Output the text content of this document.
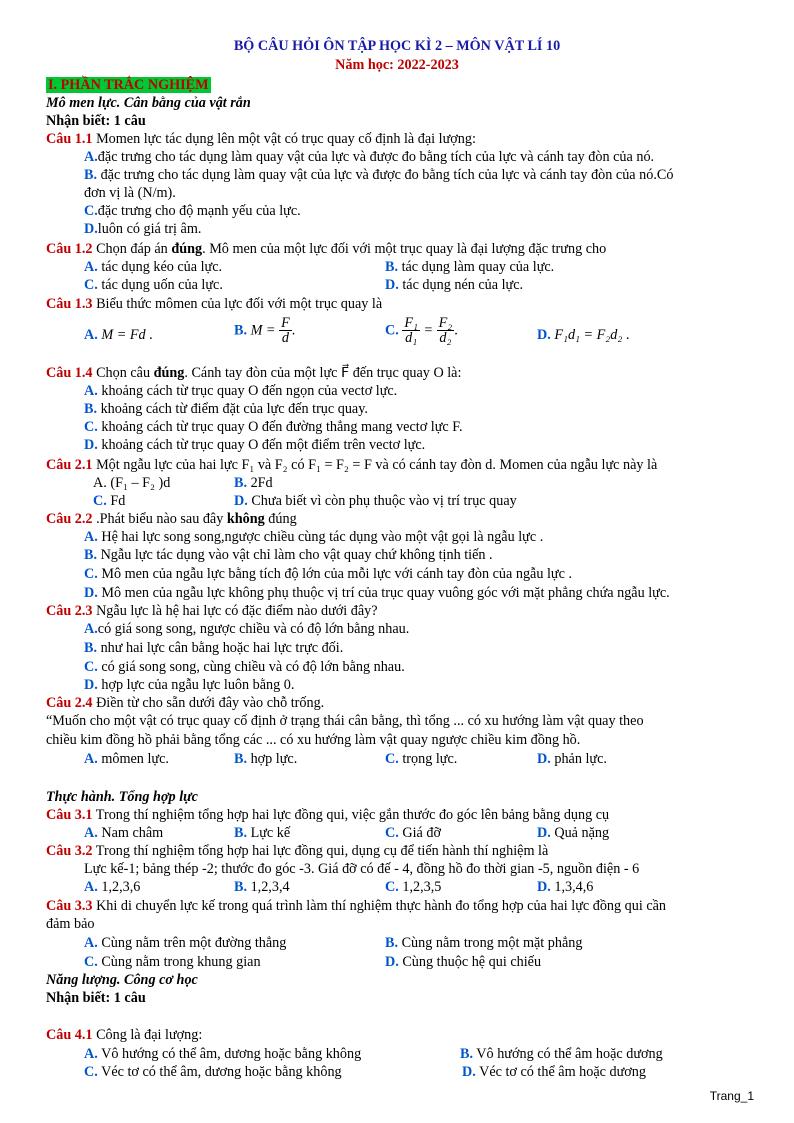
BỘ CÂU HỎI ÔN TẬP HỌC KÌ 2 – MÔN VẬT LÍ 10
Năm học: 2022-2023
I. PHẦN TRẮC NGHIỆM
Mô men lực. Cân bằng của vật rắn
Nhận biết: 1 câu
Câu 1.1 Momen lực tác dụng lên một vật có trục quay cố định là đại lượng:
A.đặc trưng cho tác dụng làm quay vật của lực và được đo bằng tích của lực và cánh tay đòn của nó.
B. đặc trưng cho tác dụng làm quay vật của lực và được đo bằng tích của lực và cánh tay đòn của nó.Có
đơn vị là (N/m).
C.đặc trưng cho độ mạnh yếu của lực.
D.luôn có giá trị âm.
Câu 1.2 Chọn đáp án đúng. Mô men của một lực đối với một trục quay là đại lượng đặc trưng cho
A. tác dụng kéo của lực.	B. tác dụng làm quay của lực.
C. tác dụng uốn của lực.	D. tác dụng nén của lực.
Câu 1.3 Biểu thức mômen của lực đối với một trục quay là
A. M = Fd .	B. $M = \frac{F}{d}$ .	C. $\frac{\text{F₁}}{\text{d₁}} = \frac{\text{F₂}}{\text{d₂}}$ .	D. F₁d₁ = F₂d₂ .
Câu 1.4 Chọn câu đúng. Cánh tay đòn của một lực F⃗ đến trục quay O là:
A. khoảng cách từ trục quay O đến ngọn của vectơ lực.
B. khoảng cách từ điểm đặt của lực đến trục quay.
C. khoảng cách từ trục quay O đến đường thẳng mang vectơ lực F.
D. khoảng cách từ trục quay O đến một điểm trên vectơ lực.
Câu 2.1 Một ngẫu lực của hai lực F₁ và F₂ có F₁ = F₂ = F và có cánh tay đòn d. Momen của ngẫu lực này là
A. (F₁ – F₂ )d	B. 2Fd
C. Fd	D. Chưa biết vì còn phụ thuộc vào vị trí trục quay
Câu 2.2 .Phát biểu nào sau đây không đúng
A. Hệ hai lực song song,ngược chiều cùng tác dụng vào một vật gọi là ngẫu lực .
B. Ngẫu lực tác dụng vào vật chỉ làm cho vật quay chứ không tịnh tiến .
C. Mô men của ngẫu lực bằng tích độ lớn của mỗi lực với cánh tay đòn của ngẫu lực .
D. Mô men của ngẫu lực không phụ thuộc vị trí của trục quay vuông góc với mặt phẳng chứa ngẫu lực.
Câu 2.3 Ngẫu lực là hệ hai lực có đặc điểm nào dưới đây?
A.có giá song song, ngược chiều và có độ lớn bằng nhau.
B. như hai lực cân bằng hoặc hai lực trực đối.
C. có giá song song, cùng chiều và có độ lớn bằng nhau.
D. hợp lực của ngẫu lực luôn bằng 0.
Câu 2.4 Điền từ cho sẵn dưới đây vào chỗ trống.
“Muốn cho một vật có trục quay cố định ở trạng thái cân bằng, thì tổng ... có xu hướng làm vật quay theo
chiều kim đồng hồ phải bằng tổng các ... có xu hướng làm vật quay ngược chiều kim đồng hồ.
A. mômen lực.	B. hợp lực.	C. trọng lực.	D. phản lực.
Thực hành. Tổng hợp lực
Câu 3.1 Trong thí nghiệm tổng hợp hai lực đồng qui, việc gắn thước đo góc lên bảng bằng dụng cụ
A. Nam châm	B. Lực kế	C. Giá đỡ	D. Quả nặng
Câu 3.2 Trong thí nghiệm tổng hợp hai lực đồng qui, dụng cụ để tiến hành thí nghiệm là
Lực kế-1; bảng thép -2; thước đo góc -3. Giá đỡ có đế - 4, đồng hồ đo thời gian -5, nguồn điện - 6
A. 1,2,3,6	B. 1,2,3,4	C. 1,2,3,5	D. 1,3,4,6
Câu 3.3 Khi di chuyển lực kế trong quá trình làm thí nghiệm thực hành đo tổng hợp của hai lực đồng qui cần
đảm bảo
A. Cùng nằm trên một đường thẳng	B. Cùng nằm trong một mặt phẳng
C. Cùng nằm trong khung gian	D. Cùng thuộc hệ qui chiếu
Năng lượng. Công cơ học
Nhận biết: 1 câu
Câu 4.1 Công là đại lượng:
A. Vô hướng có thể âm, dương hoặc bằng không	B. Vô hướng có thể âm hoặc dương
C. Véc tơ có thể âm, dương hoặc bằng không	D. Véc tơ có thể âm hoặc dương
Trang_1
